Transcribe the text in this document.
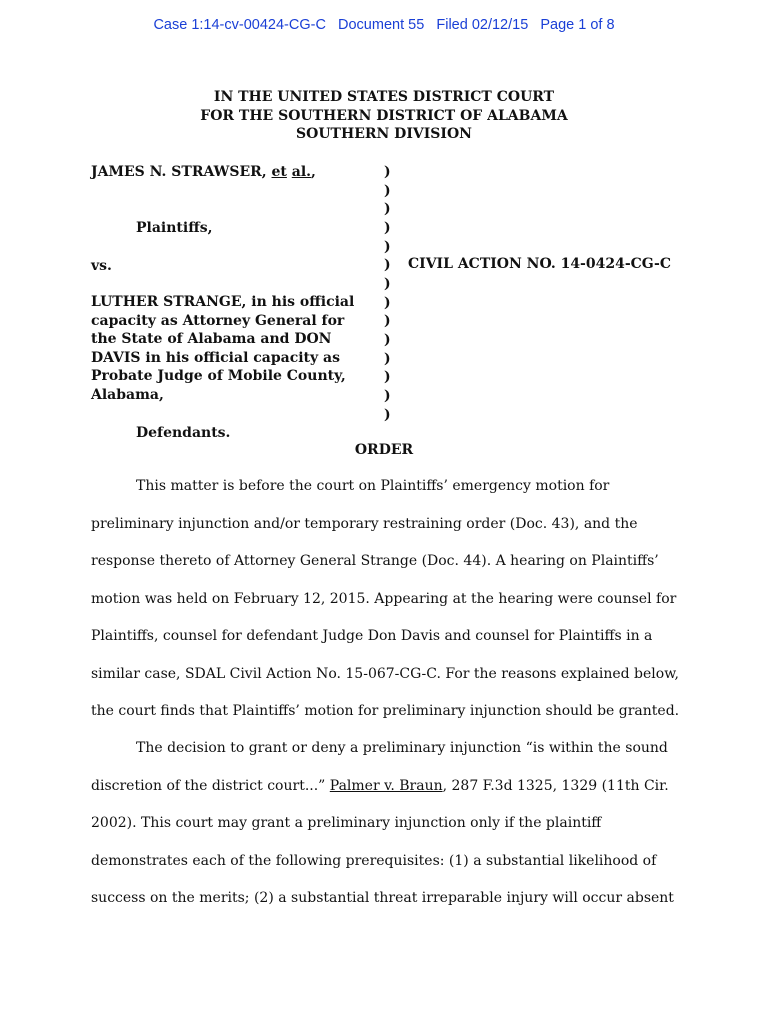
Case 1:14-cv-00424-CG-C Document 55 Filed 02/12/15 Page 1 of 8
IN THE UNITED STATES DISTRICT COURT
FOR THE SOUTHERN DISTRICT OF ALABAMA
SOUTHERN DIVISION
JAMES N. STRAWSER, et al.,
Plaintiffs,
vs.
LUTHER STRANGE, in his official
capacity as Attorney General for
the State of Alabama and DON
DAVIS in his official capacity as
Probate Judge of Mobile County,
Alabama,
Defendants.
)
)
)
)
)
)
)
)
)
)
)
)
)
)
CIVIL ACTION NO. 14-0424-CG-C
ORDER
This matter is before the court on Plaintiffs’ emergency motion for
preliminary injunction and/or temporary restraining order (Doc. 43), and the
response thereto of Attorney General Strange (Doc. 44). A hearing on Plaintiffs’
motion was held on February 12, 2015. Appearing at the hearing were counsel for
Plaintiffs, counsel for defendant Judge Don Davis and counsel for Plaintiffs in a
similar case, SDAL Civil Action No. 15-067-CG-C. For the reasons explained below,
the court finds that Plaintiffs’ motion for preliminary injunction should be granted.
The decision to grant or deny a preliminary injunction “is within the sound
discretion of the district court...” Palmer v. Braun, 287 F.3d 1325, 1329 (11th Cir.
2002). This court may grant a preliminary injunction only if the plaintiff
demonstrates each of the following prerequisites: (1) a substantial likelihood of
success on the merits; (2) a substantial threat irreparable injury will occur absent
